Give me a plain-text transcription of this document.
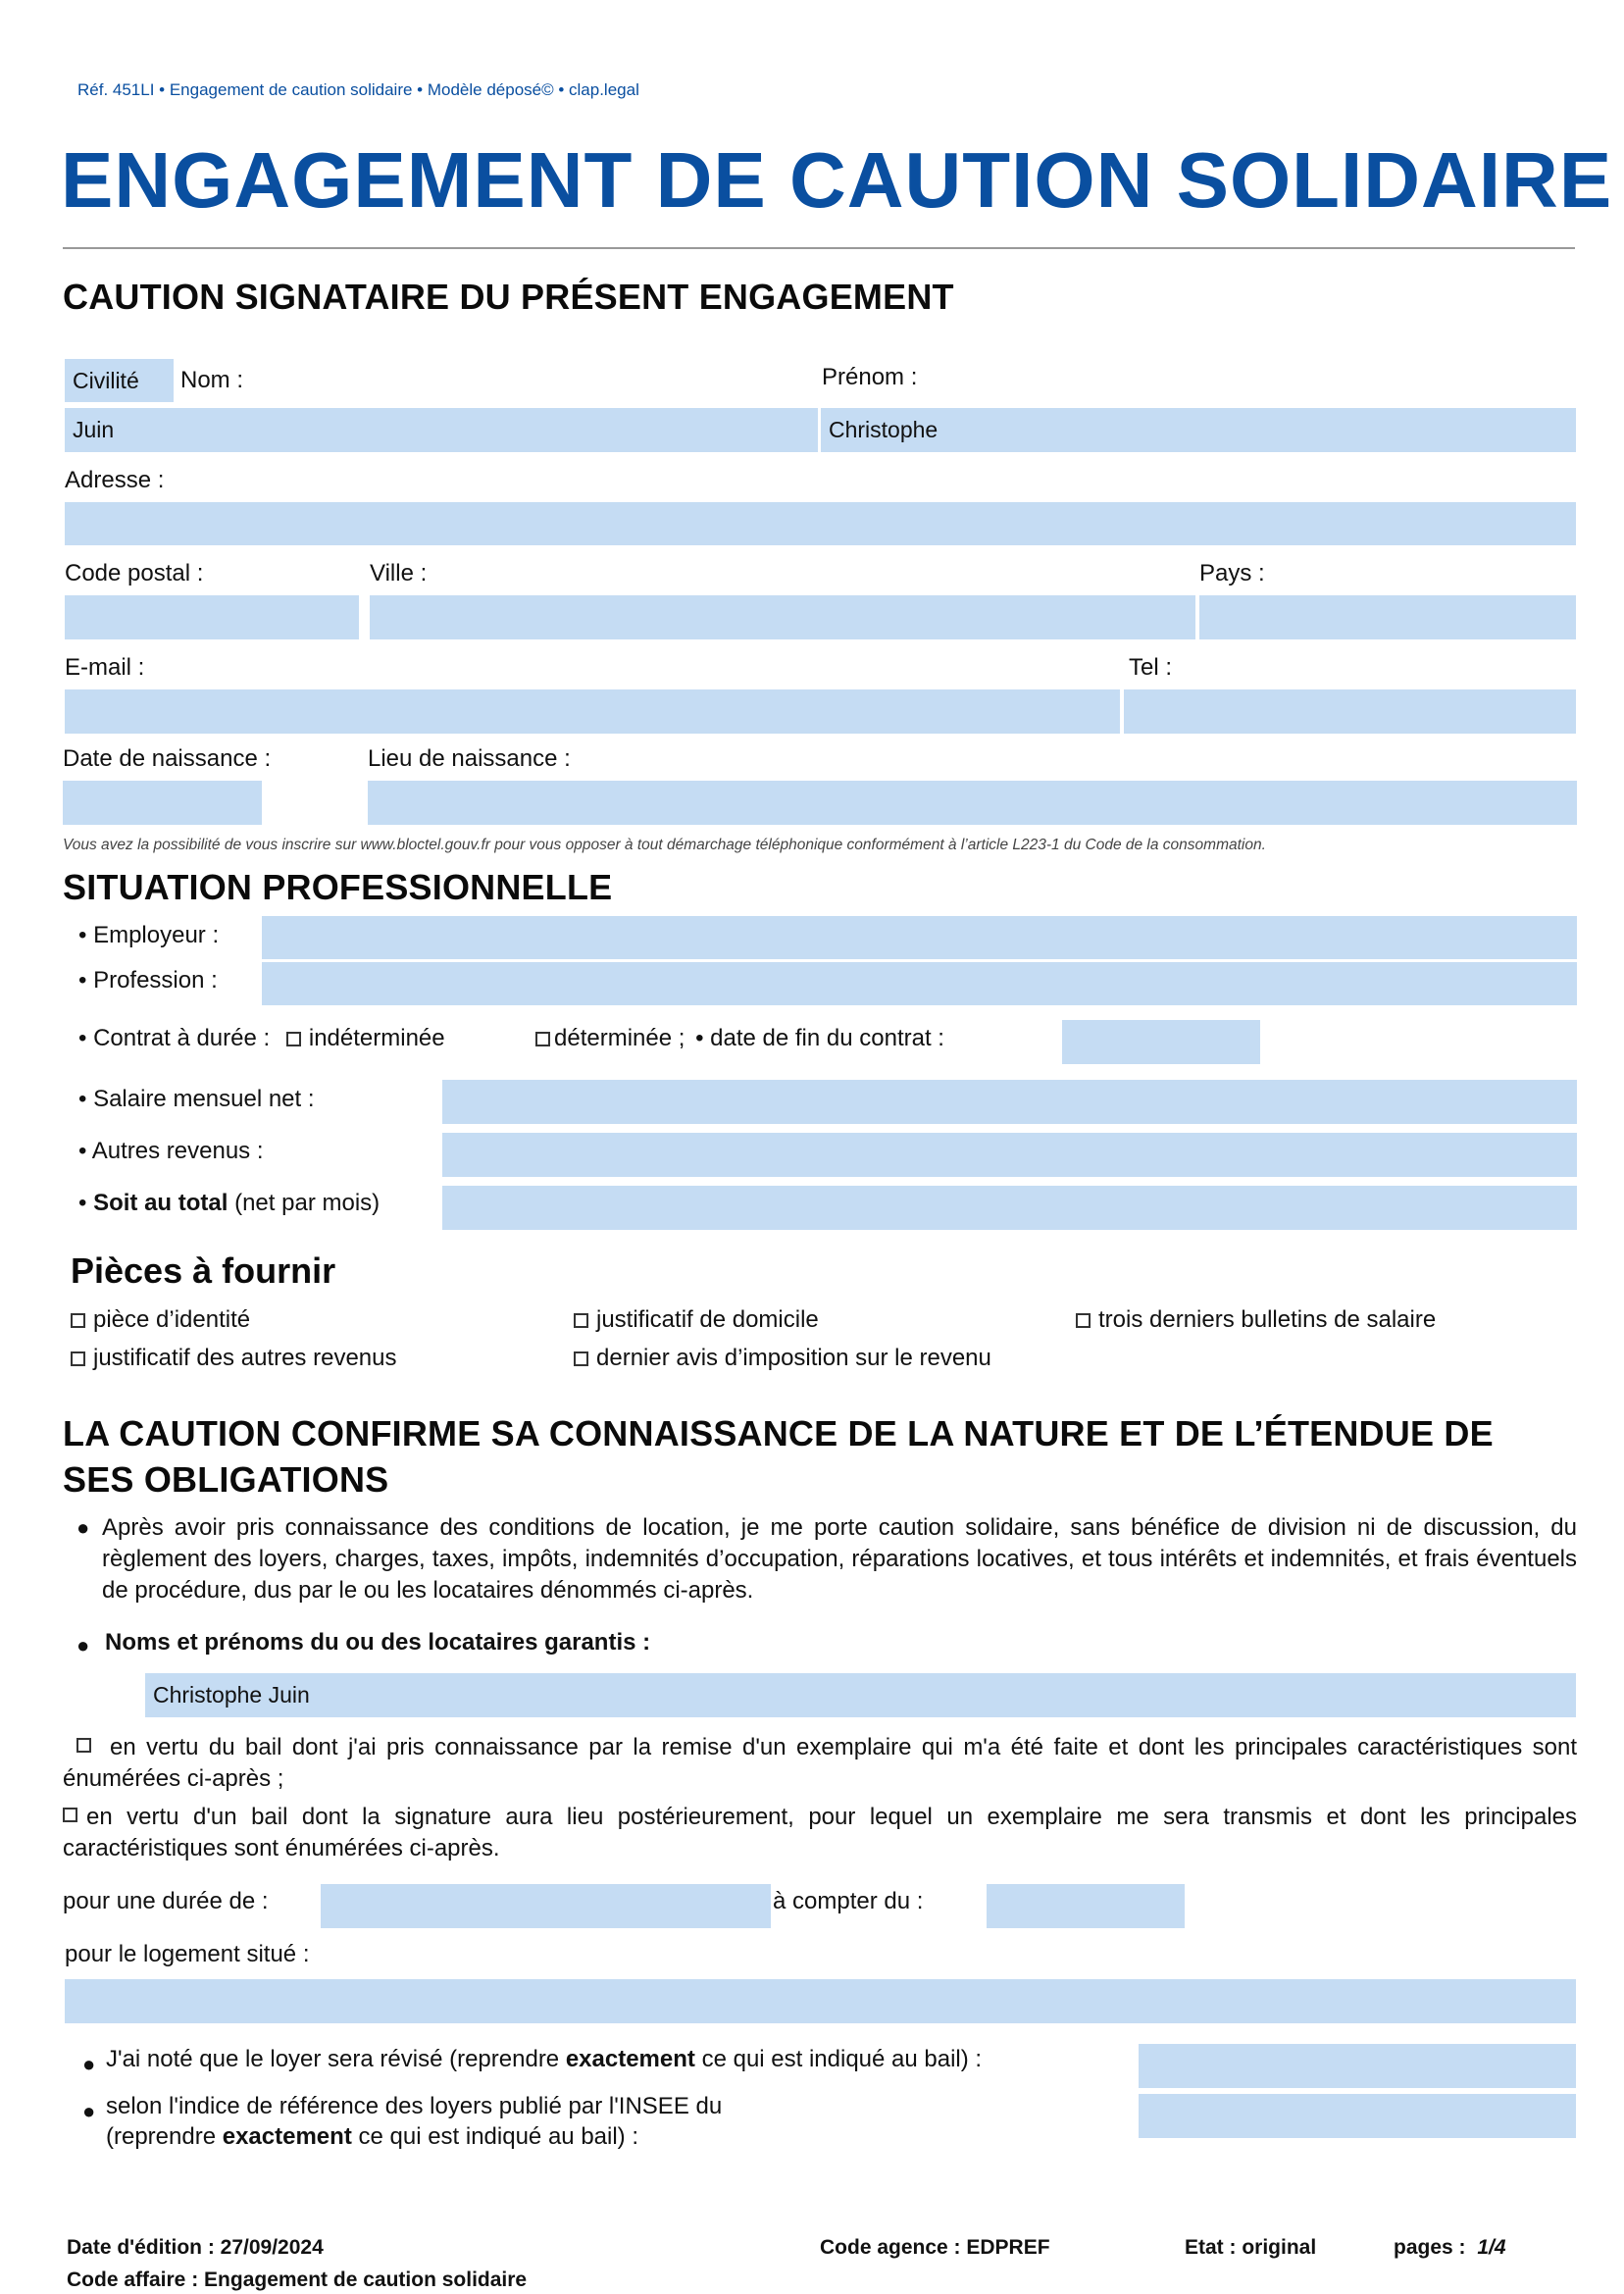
Réf. 451LI • Engagement de caution solidaire • Modèle déposé© • clap.legal
ENGAGEMENT DE CAUTION SOLIDAIRE
CAUTION SIGNATAIRE DU PRÉSENT ENGAGEMENT
Civilité	Nom :	Prénom :
Juin	Christophe
Adresse :
Code postal :	Ville :	Pays :
E-mail :	Tel :
Date de naissance :	Lieu de naissance :
Vous avez la possibilité de vous inscrire sur www.bloctel.gouv.fr pour vous opposer à tout démarchage téléphonique conformément à l’article L223-1 du Code de la consommation.
SITUATION PROFESSIONNELLE
• Employeur :
• Profession :
• Contrat à durée : indéterminée	déterminée ; • date de fin du contrat :
• Salaire mensuel net :
• Autres revenus :
• Soit au total (net par mois)
Pièces à fournir
pièce d’identité	justificatif de domicile	trois derniers bulletins de salaire
justificatif des autres revenus	dernier avis d’imposition sur le revenu
LA CAUTION CONFIRME SA CONNAISSANCE DE LA NATURE ET DE L’ÉTENDUE DE
SES OBLIGATIONS
● Après avoir pris connaissance des conditions de location, je me porte caution solidaire, sans bénéfice de division ni de discussion, du règlement des loyers, charges, taxes, impôts, indemnités d’occupation, réparations locatives, et tous intérêts et indemnités, et frais éventuels de procédure, dus par le ou les locataires dénommés ci-après.
● Noms et prénoms du ou des locataires garantis :
Christophe Juin
en vertu du bail dont j'ai pris connaissance par la remise d'un exemplaire qui m'a été faite et dont les principales caractéristiques sont énumérées ci-après ;
en vertu d'un bail dont la signature aura lieu postérieurement, pour lequel un exemplaire me sera transmis et dont les principales caractéristiques sont énumérées ci-après.
pour une durée de :	à compter du :
pour le logement situé :
● J'ai noté que le loyer sera révisé (reprendre exactement ce qui est indiqué au bail) :
● selon l'indice de référence des loyers publié par l'INSEE du
(reprendre exactement ce qui est indiqué au bail) :
Date d'édition : 27/09/2024
Code affaire : Engagement de caution solidaire
Code agence : EDPREF	Etat : original	pages : 1/4
